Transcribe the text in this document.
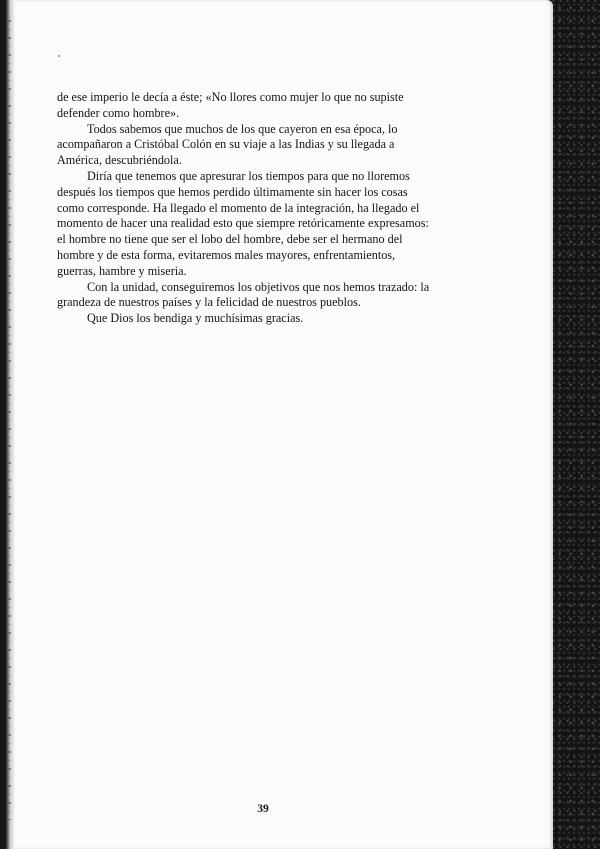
de ese imperio le decía a éste; «No llores como mujer lo que no supiste
defender como hombre».

Todos sabemos que muchos de los que cayeron en esa época, lo
acompañaron a Cristóbal Colón en su viaje a las Indias y su llegada a
América, descubriéndola.

Diría que tenemos que apresurar los tiempos para que no lloremos
después los tiempos que hemos perdido últimamente sin hacer los cosas
como corresponde. Ha llegado el momento de la integración, ha llegado el
momento de hacer una realidad esto que siempre retóricamente expresamos:
el hombre no tiene que ser el lobo del hombre, debe ser el hermano del
hombre y de esta forma, evitaremos males mayores, enfrentamientos,
guerras, hambre y miseria.

Con la unidad, conseguiremos los objetivos que nos hemos trazado: la
grandeza de nuestros países y la felicidad de nuestros pueblos.

Que Dios los bendiga y muchísimas gracias.

39
